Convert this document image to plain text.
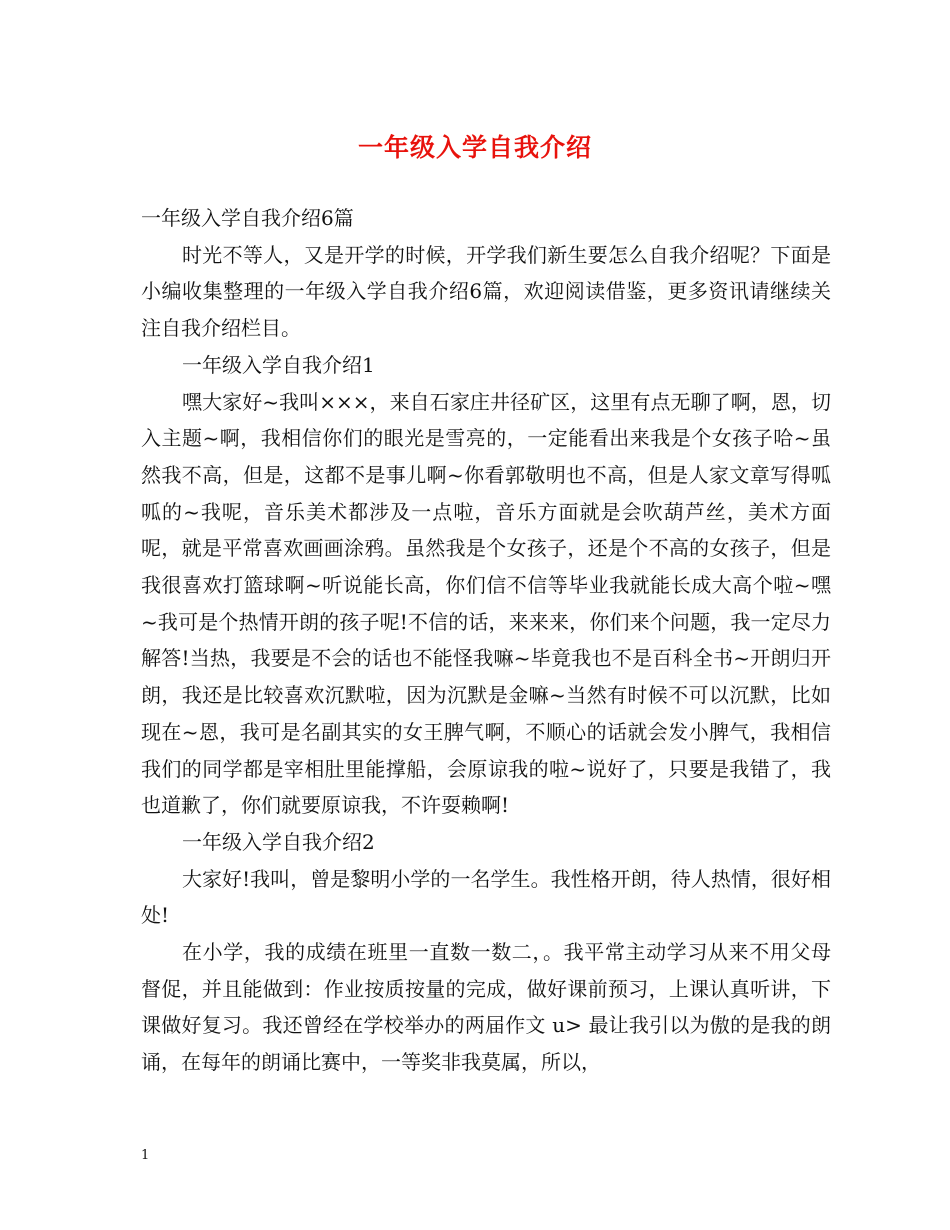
一年级入学自我介绍

一年级入学自我介绍6篇

时光不等人，又是开学的时候，开学我们新生要怎么自我介绍呢？下面是小编收集整理的一年级入学自我介绍6篇，欢迎阅读借鉴，更多资讯请继续关注自我介绍栏目。

一年级入学自我介绍1

嘿大家好~我叫×××，来自石家庄井径矿区，这里有点无聊了啊，恩，切入主题~啊，我相信你们的眼光是雪亮的，一定能看出来我是个女孩子哈~虽然我不高，但是，这都不是事儿啊~你看郭敬明也不高，但是人家文章写得呱呱的~我呢，音乐美术都涉及一点啦，音乐方面就是会吹葫芦丝，美术方面呢，就是平常喜欢画画涂鸦。虽然我是个女孩子，还是个不高的女孩子，但是我很喜欢打篮球啊~听说能长高，你们信不信等毕业我就能长成大高个啦~嘿~我可是个热情开朗的孩子呢!不信的话，来来来，你们来个问题，我一定尽力解答!当热，我要是不会的话也不能怪我嘛~毕竟我也不是百科全书~开朗归开朗，我还是比较喜欢沉默啦，因为沉默是金嘛~当然有时候不可以沉默，比如现在~恩，我可是名副其实的女王脾气啊，不顺心的话就会发小脾气，我相信我们的同学都是宰相肚里能撑船，会原谅我的啦~说好了，只要是我错了，我也道歉了，你们就要原谅我，不许耍赖啊!

一年级入学自我介绍2

大家好!我叫，曾是黎明小学的一名学生。我性格开朗，待人热情，很好相处!

在小学，我的成绩在班里一直数一数二，。我平常主动学习从来不用父母督促，并且能做到：作业按质按量的完成，做好课前预习，上课认真听讲，下课做好复习。我还曾经在学校举办的两届作文 u> 最让我引以为傲的是我的朗诵，在每年的朗诵比赛中，一等奖非我莫属，所以，

1
